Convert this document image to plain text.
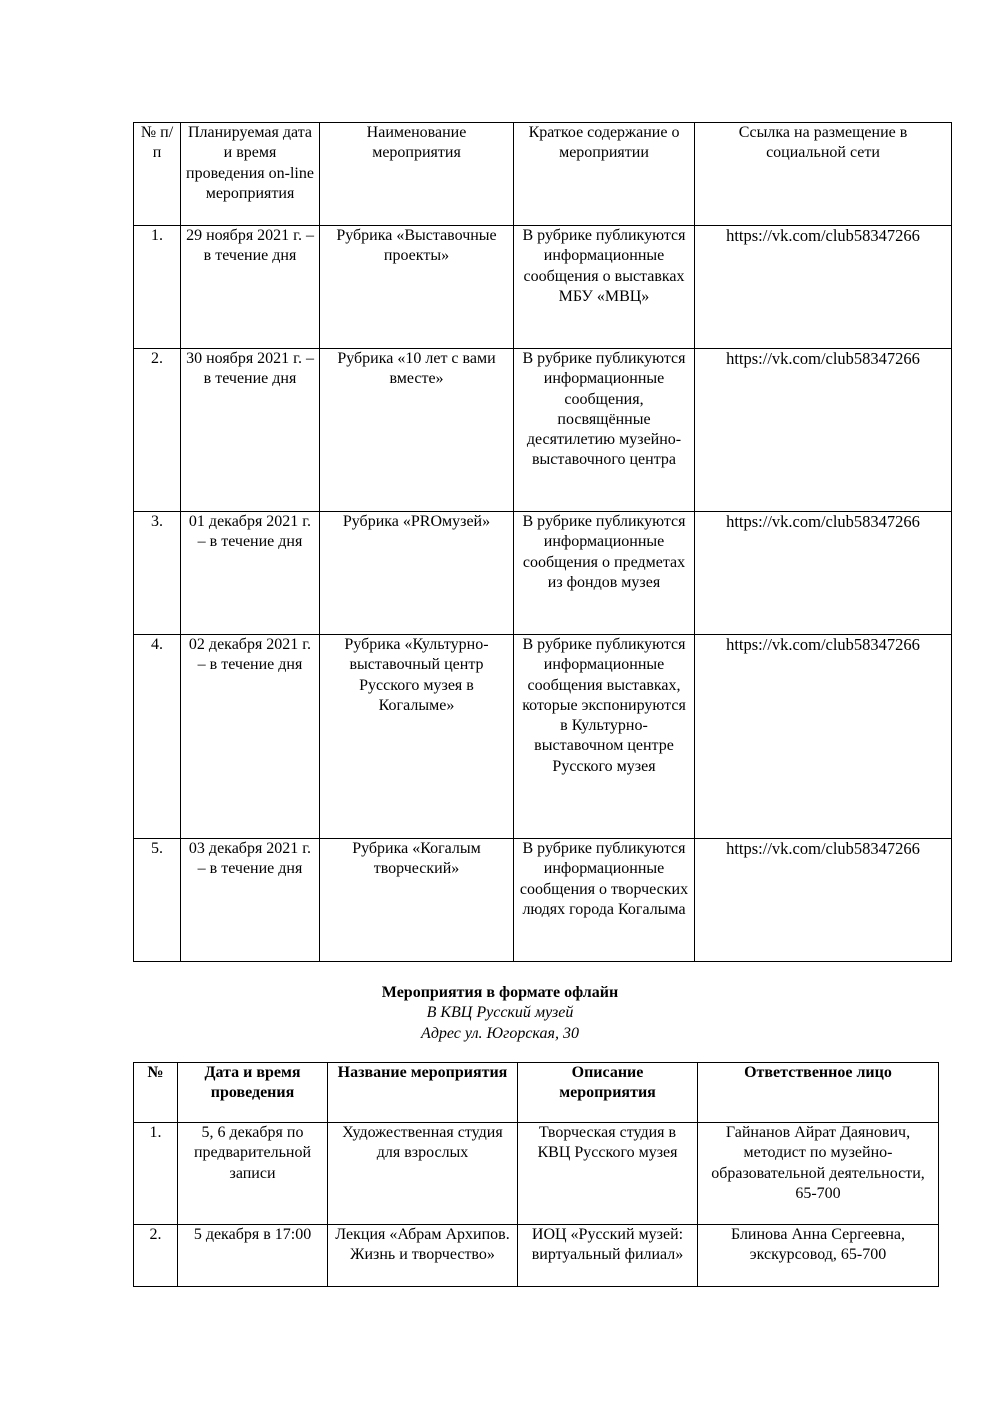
№ п/п	Планируемая дата и время проведения on-line мероприятия	Наименование мероприятия	Краткое содержание о мероприятии	Ссылка на размещение в социальной сети
1.	29 ноября 2021 г. – в течение дня	Рубрика «Выставочные проекты»	В рубрике публикуются информационные сообщения о выставках МБУ «МВЦ»	https://vk.com/club58347266
2.	30 ноября 2021 г. – в течение дня	Рубрика «10 лет с вами вместе»	В рубрике публикуются информационные сообщения, посвящённые десятилетию музейно-выставочного центра	https://vk.com/club58347266
3.	01 декабря 2021 г. – в течение дня	Рубрика «PROмузей»	В рубрике публикуются информационные сообщения о предметах из фондов музея	https://vk.com/club58347266
4.	02 декабря 2021 г. – в течение дня	Рубрика «Культурно-выставочный центр Русского музея в Когалыме»	В рубрике публикуются информационные сообщения выставках, которые экспонируются в Культурно-выставочном центре Русского музея	https://vk.com/club58347266
5.	03 декабря 2021 г. – в течение дня	Рубрика «Когалым творческий»	В рубрике публикуются информационные сообщения о творческих людях города Когалыма	https://vk.com/club58347266
Мероприятия в формате офлайн
В КВЦ Русский музей
Адрес ул. Югорская, 30
№	Дата и время проведения	Название мероприятия	Описание мероприятия	Ответственное лицо
1.	5, 6 декабря по предварительной записи	Художественная студия для взрослых	Творческая студия в КВЦ Русского музея	Гайнанов Айрат Даянович, методист по музейно-образовательной деятельности, 65-700
2.	5 декабря в 17:00	Лекция «Абрам Архипов. Жизнь и творчество»	ИОЦ «Русский музей: виртуальный филиал»	Блинова Анна Сергеевна, экскурсовод, 65-700
